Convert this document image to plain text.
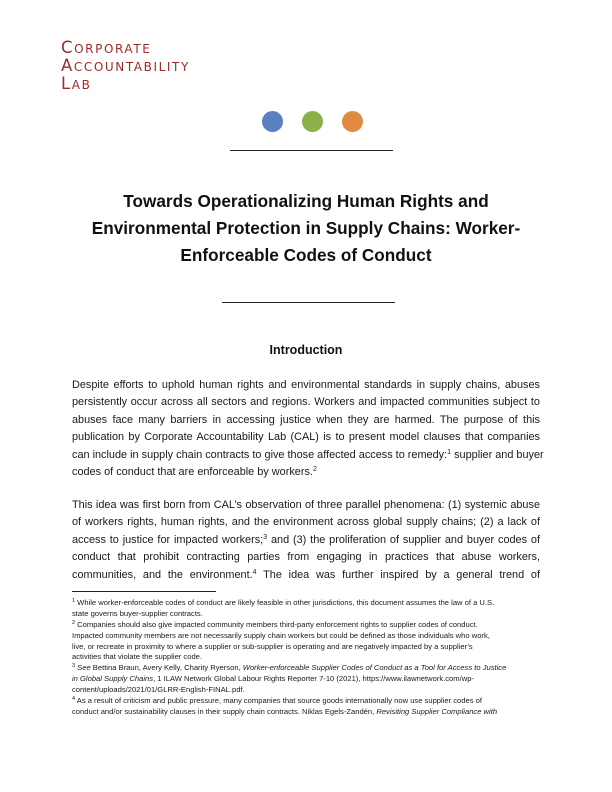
Corporate
Accountability
Lab
Towards Operationalizing Human Rights and
Environmental Protection in Supply Chains: Worker-
Enforceable Codes of Conduct
Introduction
Despite efforts to uphold human rights and environmental standards in supply chains, abuses
persistently occur across all sectors and regions. Workers and impacted communities subject to
abuses face many barriers in accessing justice when they are harmed. The purpose of this
publication by Corporate Accountability Lab (CAL) is to present model clauses that companies
can include in supply chain contracts to give those affected access to remedy:$^1$ supplier and buyer
codes of conduct that are enforceable by workers.$^2$
This idea was first born from CAL’s observation of three parallel phenomena: (1) systemic abuse
of workers rights, human rights, and the environment across global supply chains; (2) a lack of
access to justice for impacted workers;$^3$ and (3) the proliferation of supplier and buyer codes of
conduct that prohibit contracting parties from engaging in practices that abuse workers,
communities, and the environment.$^4$ The idea was further inspired by a general trend of
$^1$ While worker-enforceable codes of conduct are likely feasible in other jurisdictions, this document assumes the law of a U.S.
state governs buyer-supplier contracts.
$^2$ Companies should also give impacted community members third-party enforcement rights to supplier codes of conduct.
Impacted community members are not necessarily supply chain workers but could be defined as those individuals who work,
live, or recreate in proximity to where a supplier or sub-supplier is operating and are negatively impacted by a supplier’s
activities that violate the supplier code.
$^3$ See Bettina Braun, Avery Kelly, Charity Ryerson, Worker-enforceable Supplier Codes of Conduct as a Tool for Access to Justice
in Global Supply Chains, 1 ILAW Network Global Labour Rights Reporter 7-10 (2021), https://www.ilawnetwork.com/wp-
content/uploads/2021/01/GLRR-English-FINAL.pdf.
$^4$ As a result of criticism and public pressure, many companies that source goods internationally now use supplier codes of
conduct and/or sustainability clauses in their supply chain contracts. Niklas Egels-Zandén, Revisiting Supplier Compliance with
